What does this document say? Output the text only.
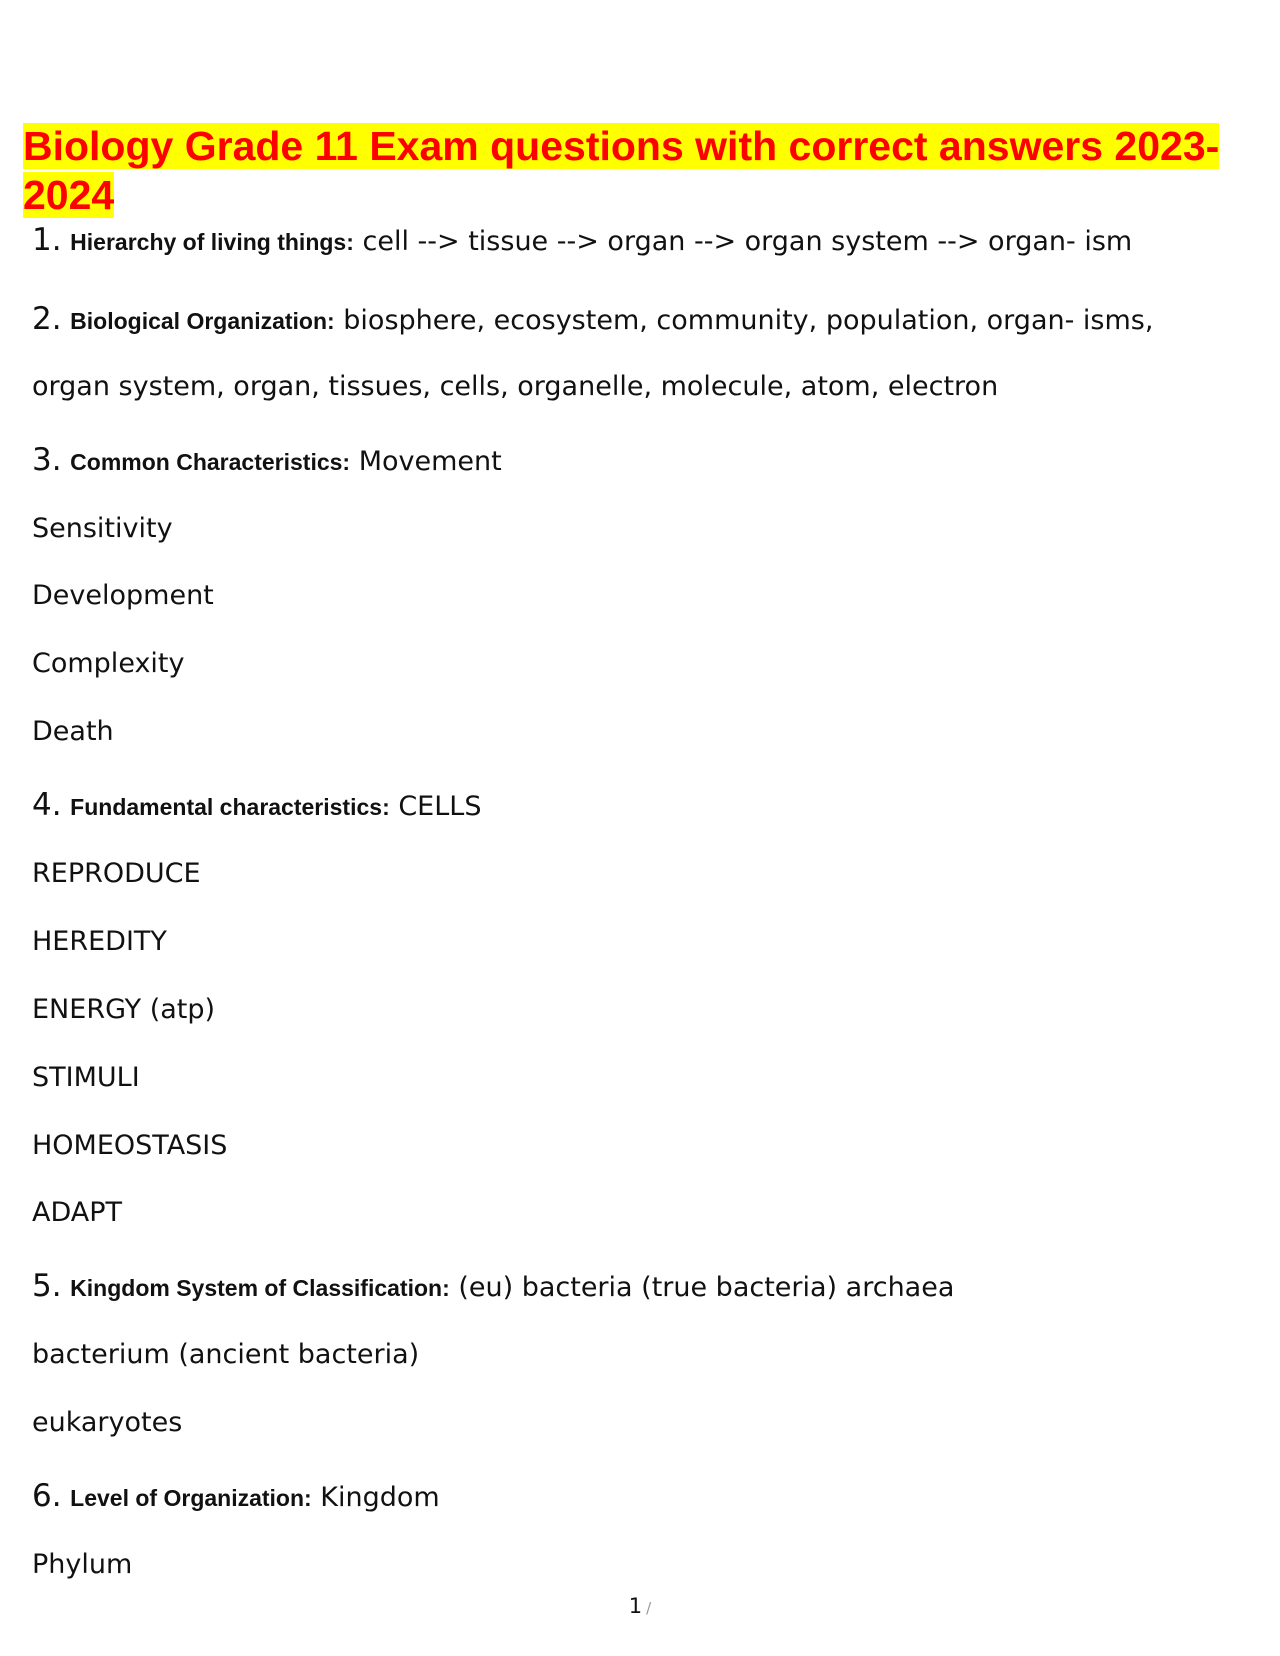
Biology Grade 11 Exam questions with correct answers 2023-2024
1. Hierarchy of living things: cell --> tissue --> organ --> organ system --> organ- ism
2. Biological Organization: biosphere, ecosystem, community, population, organ- isms,
organ system, organ, tissues, cells, organelle, molecule, atom, electron
3. Common Characteristics: Movement
Sensitivity
Development
Complexity
Death
4. Fundamental characteristics: CELLS
REPRODUCE
HEREDITY
ENERGY (atp)
STIMULI
HOMEOSTASIS
ADAPT
5. Kingdom System of Classification: (eu) bacteria (true bacteria) archaea
bacterium (ancient bacteria)
eukaryotes
6. Level of Organization: Kingdom
Phylum
1 /
